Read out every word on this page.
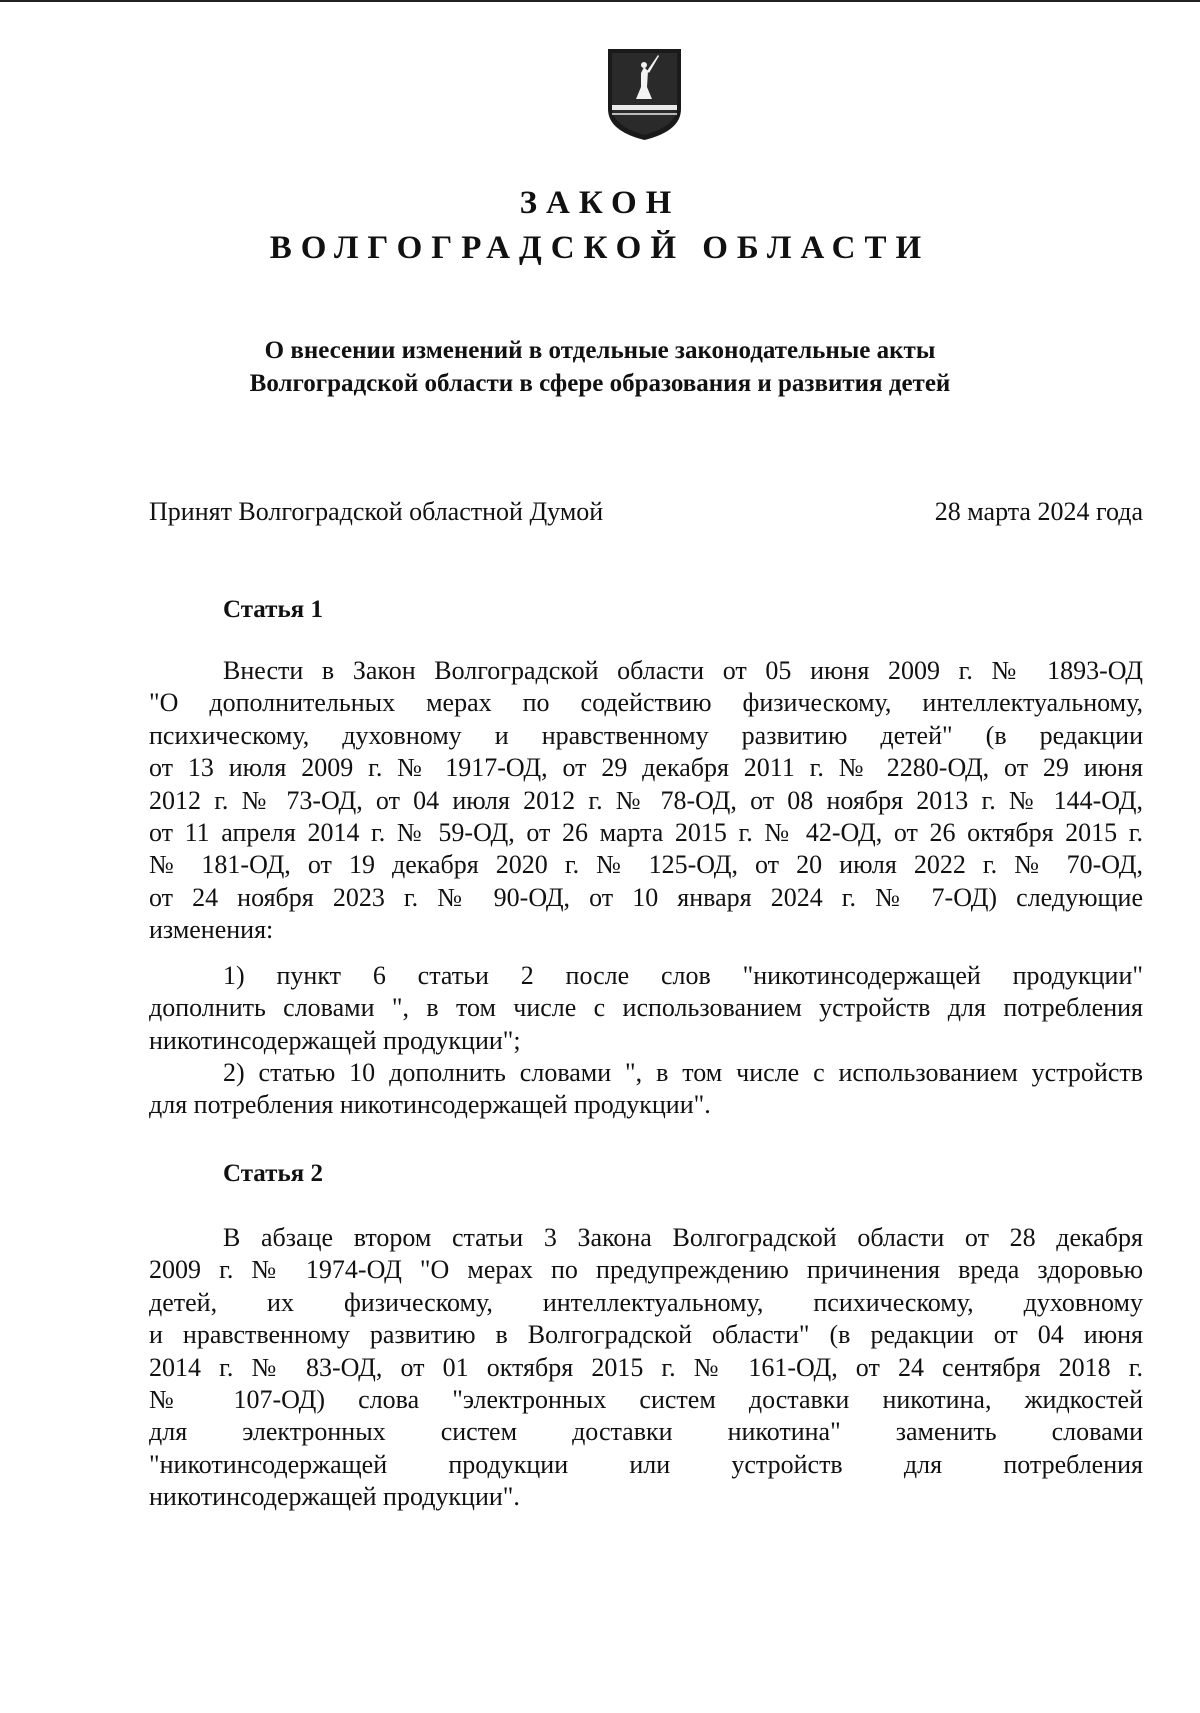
ЗАКОН
ВОЛГОГРАДСКОЙ ОБЛАСТИ
О внесении изменений в отдельные законодательные акты
Волгоградской области в сфере образования и развития детей
Принят Волгоградской областной Думой	28 марта 2024 года
Статья 1

Внести в Закон Волгоградской области от 05 июня 2009 г. № 1893-ОД
"О дополнительных мерах по содействию физическому, интеллектуальному,
психическому, духовному и нравственному развитию детей" (в редакции
от 13 июля 2009 г. № 1917-ОД, от 29 декабря 2011 г. № 2280-ОД, от 29 июня
2012 г. № 73-ОД, от 04 июля 2012 г. № 78-ОД, от 08 ноября 2013 г. № 144-ОД,
от 11 апреля 2014 г. № 59-ОД, от 26 марта 2015 г. № 42-ОД, от 26 октября 2015 г.
№ 181-ОД, от 19 декабря 2020 г. № 125-ОД, от 20 июля 2022 г. № 70-ОД,
от 24 ноября 2023 г. № 90-ОД, от 10 января 2024 г. № 7-ОД) следующие
изменения:

1) пункт 6 статьи 2 после слов "никотинсодержащей продукции"
дополнить словами ", в том числе с использованием устройств для потребления
никотинсодержащей продукции";

2) статью 10 дополнить словами ", в том числе с использованием устройств
для потребления никотинсодержащей продукции".

Статья 2

В абзаце втором статьи 3 Закона Волгоградской области от 28 декабря
2009 г. № 1974-ОД "О мерах по предупреждению причинения вреда здоровью
детей, их физическому, интеллектуальному, психическому, духовному
и нравственному развитию в Волгоградской области" (в редакции от 04 июня
2014 г. № 83-ОД, от 01 октября 2015 г. № 161-ОД, от 24 сентября 2018 г.
№ 107-ОД) слова "электронных систем доставки никотина, жидкостей
для электронных систем доставки никотина" заменить словами
"никотинсодержащей продукции или устройств для потребления
никотинсодержащей продукции".
